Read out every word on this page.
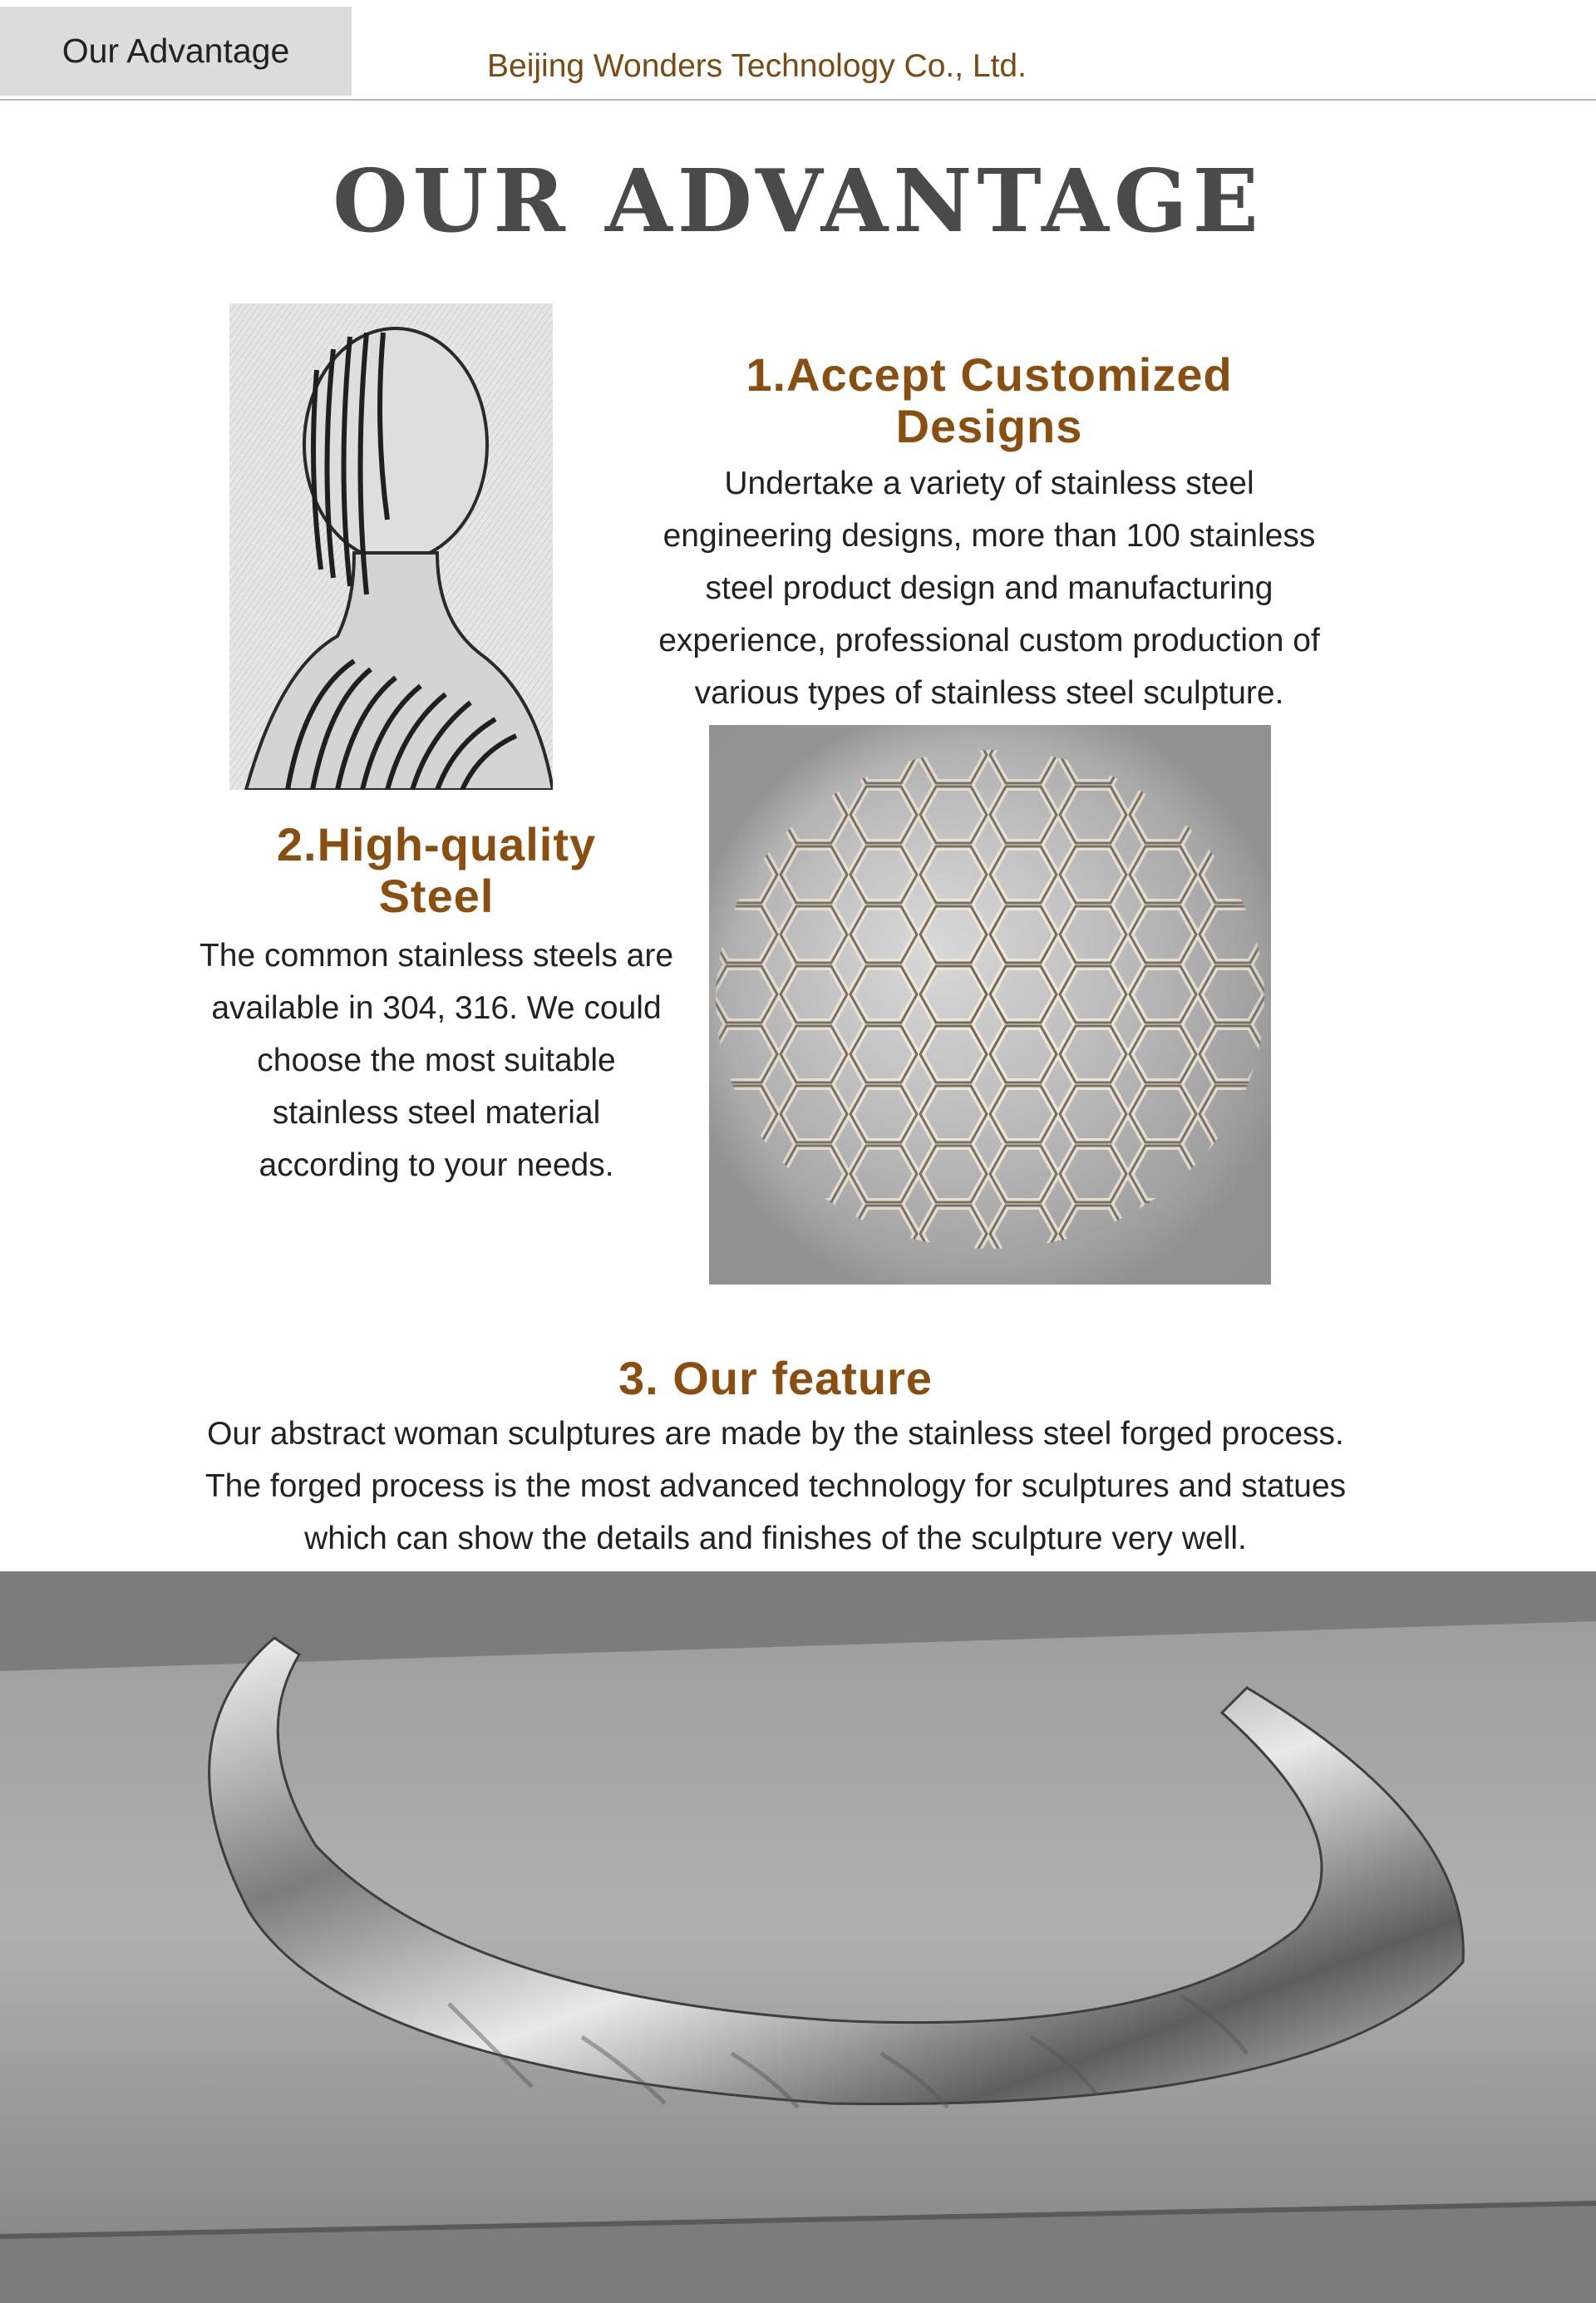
Our Advantage	Beijing Wonders Technology Co., Ltd.
OUR ADVANTAGE
1.Accept Customized
Designs
Undertake a variety of stainless steel
engineering designs, more than 100 stainless
steel product design and manufacturing
experience, professional custom production of
various types of stainless steel sculpture.
2.High-quality
Steel
The common stainless steels are
available in 304, 316. We could
choose the most suitable
stainless steel material
according to your needs.
3. Our feature
Our abstract woman sculptures are made by the stainless steel forged process.
The forged process is the most advanced technology for sculptures and statues
which can show the details and finishes of the sculpture very well.
